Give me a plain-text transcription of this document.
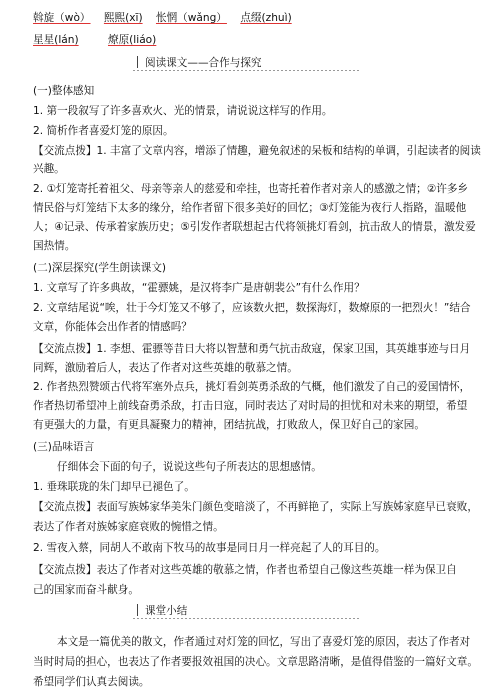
斡旋（wò） 熙熙(xī) 怅惘（wǎng） 点缀(zhuì)
星星(lán)	燎原(liáo)
阅读课文——合作与探究
(一)整体感知
1. 第一段叙写了许多喜欢火、光的情景，请说说这样写的作用。
2. 简析作者喜爱灯笼的原因。
【交流点拨】1. 丰富了文章内容，增添了情趣，避免叙述的呆板和结构的单调，引起读者的阅读
兴趣。
2. ①灯笼寄托着祖父、母亲等亲人的慈爱和牵挂，也寄托着作者对亲人的感激之情；②许多乡
情民俗与灯笼结下太多的缘分，给作者留下很多美好的回忆；③灯笼能为夜行人指路，温暖他
人；④记录、传承着家族历史；⑤引发作者联想起古代将领挑灯看剑，抗击敌人的情景，激发爱
国热情。
(二)深层探究(学生朗读课文)
1. 文章写了许多典故，“霍骠姚，是汉将李广是唐朝裴公”有什么作用？
2. 文章结尾说“唉，壮于今灯笼又不够了，应该数火把，数探海灯，数燎原的一把烈火！”结合
文章，你能体会出作者的情感吗？
【交流点拨】1. 李想、霍骠等昔日大将以智慧和勇气抗击敌寇，保家卫国，其英雄事迹与日月
同辉，激励着后人，表达了作者对这些英雄的敬慕之情。
2. 作者热烈赞颂古代将军塞外点兵，挑灯看剑英勇杀敌的气概，他们激发了自己的爱国情怀，
作者热切希望冲上前线奋勇杀敌，打击日寇，同时表达了对时局的担忧和对未来的期望，希望
有更强大的力量，有更具凝聚力的精神，团结抗战，打败敌人，保卫好自己的家园。
(三)品味语言
仔细体会下面的句子，说说这些句子所表达的思想感情。
1. 垂珠联珑的朱门却早已褪色了。
【交流点拨】表面写族姊家华美朱门颜色变暗淡了，不再鲜艳了，实际上写族姊家庭早已衰败，
表达了作者对族姊家庭衰败的惋惜之情。
2. 雪夜入蔡，同胡人不敢南下牧马的故事是同日月一样亮起了人的耳目的。
【交流点拨】表达了作者对这些英雄的敬慕之情，作者也希望自己像这些英雄一样为保卫自
己的国家而奋斗献身。
课堂小结
本文是一篇优美的散文，作者通过对灯笼的回忆，写出了喜爱灯笼的原因，表达了作者对
当时时局的担心，也表达了作者要报效祖国的决心。文章思路清晰，是值得借鉴的一篇好文章。
希望同学们认真去阅读。
